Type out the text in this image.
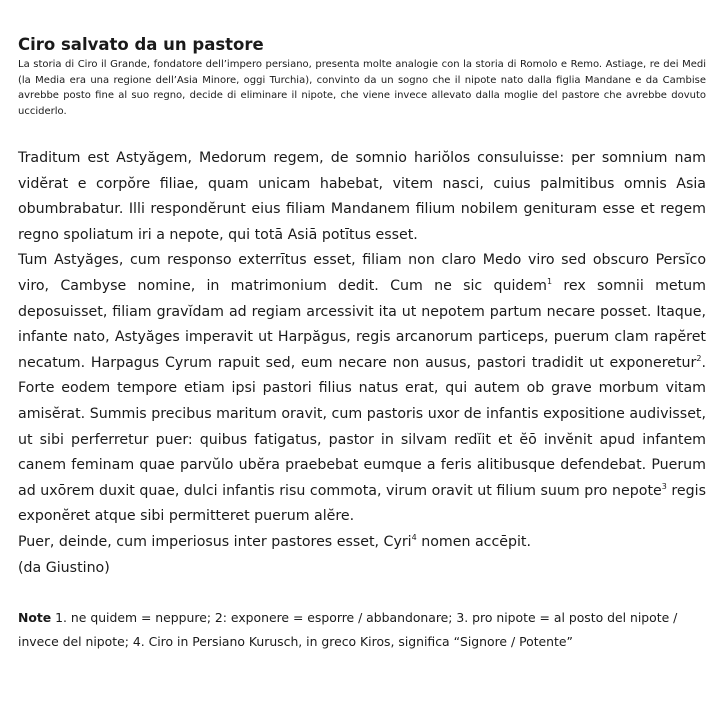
Ciro salvato da un pastore

La storia di Ciro il Grande, fondatore dell’impero persiano, presenta molte analogie con la storia di Romolo e Remo. Astiage, re dei Medi (la Media era una regione dell’Asia Minore, oggi Turchia), convinto da un sogno che il nipote nato dalla figlia Mandane e da Cambise avrebbe posto fine al suo regno, decide di eliminare il nipote, che viene invece allevato dalla moglie del pastore che avrebbe dovuto ucciderlo.

Traditum est Astyăgem, Medorum regem, de somnio hariŏlos consuluisse: per somnium nam vidĕrat e corpŏre filiae, quam unicam habebat, vitem nasci, cuius palmitibus omnis Asia obumbrabatur. Illi respondĕrunt eius filiam Mandanem filium nobilem genituram esse et regem regno spoliatum iri a nepote, qui totā Asiā potītus esset.

Tum Astyăges, cum responso exterrītus esset, filiam non claro Medo viro sed obscuro Persĭco viro, Cambyse nomine, in matrimonium dedit. Cum ne sic quidem$^1$ rex somnii metum deposuisset, filiam gravĭdam ad regiam arcessivit ita ut nepotem partum necare posset. Itaque, infante nato, Astyăges imperavit ut Harpăgus, regis arcanorum particeps, puerum clam rapĕret necatum. Harpagus Cyrum rapuit sed, eum necare non ausus, pastori tradidit ut exponeretur$^2$. Forte eodem tempore etiam ipsi pastori filius natus erat, qui autem ob grave morbum vitam amisĕrat. Summis precibus maritum oravit, cum pastoris uxor de infantis expositione audivisset, ut sibi perferretur puer: quibus fatigatus, pastor in silvam redĭit et ĕō invĕnit apud infantem canem feminam quae parvŭlo ubĕra praebebat eumque a feris alitibusque defendebat. Puerum ad uxōrem duxit quae, dulci infantis risu commota, virum oravit ut filium suum pro nepote$^3$ regis exponĕret atque sibi permitteret puerum alĕre.

Puer, deinde, cum imperiosus inter pastores esset, Cyri$^4$ nomen accēpit.

(da Giustino)

Note 1. ne quidem = neppure; 2: exponere = esporre / abbandonare; 3. pro nipote = al posto del nipote / invece del nipote; 4. Ciro in Persiano Kurusch, in greco Kiros, significa “Signore / Potente”
